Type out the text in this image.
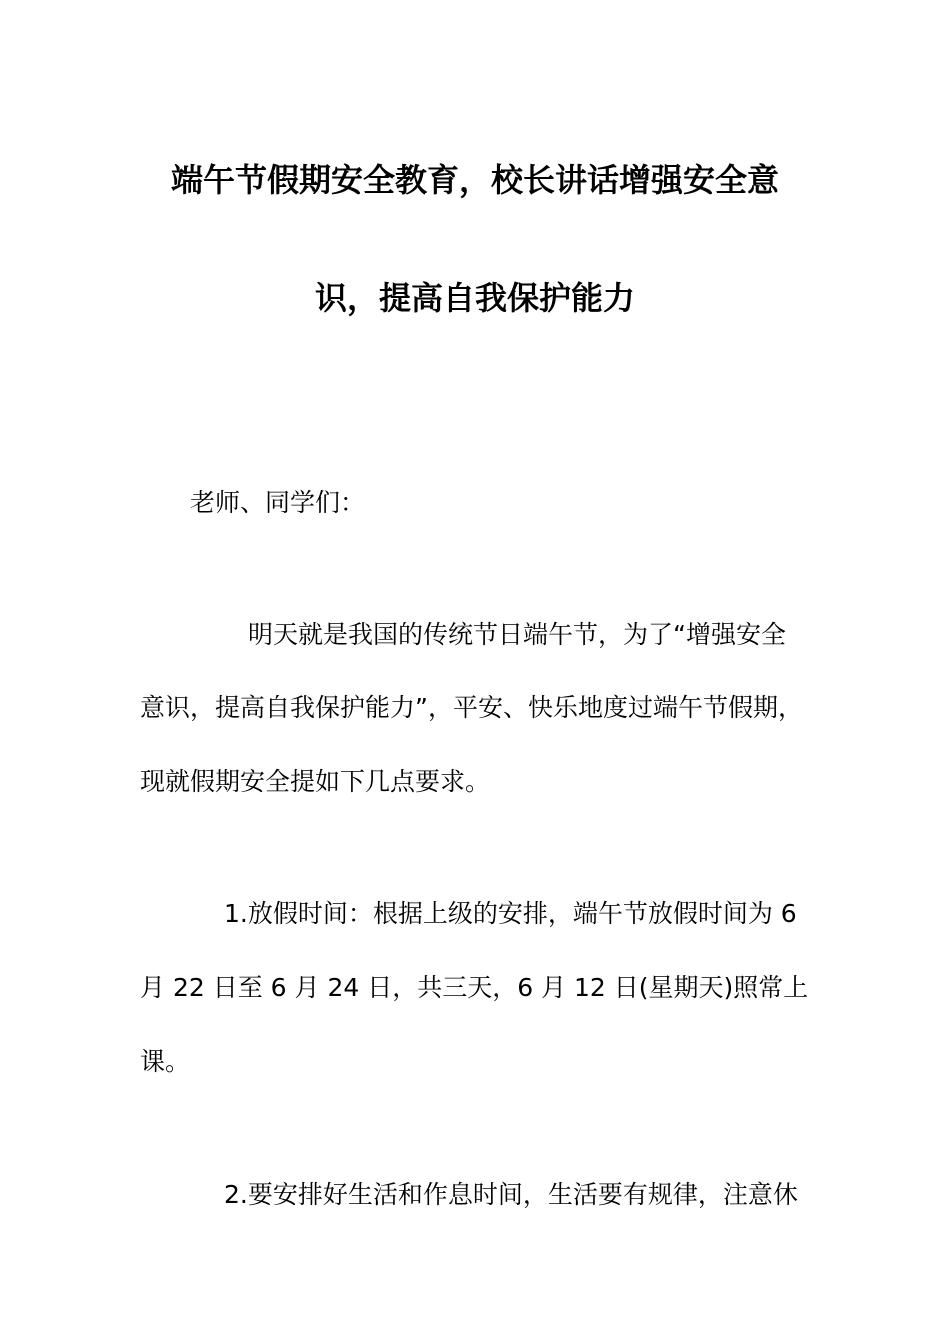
端午节假期安全教育，校长讲话增强安全意
识，提高自我保护能力
老师、同学们：
明天就是我国的传统节日端午节，为了“增强安全
意识，提高自我保护能力”，平安、快乐地度过端午节假期，
现就假期安全提如下几点要求。
1.放假时间：根据上级的安排，端午节放假时间为 6
月 22 日至 6 月 24 日，共三天，6 月 12 日(星期天)照常上
课。
2.要安排好生活和作息时间，生活要有规律，注意休
